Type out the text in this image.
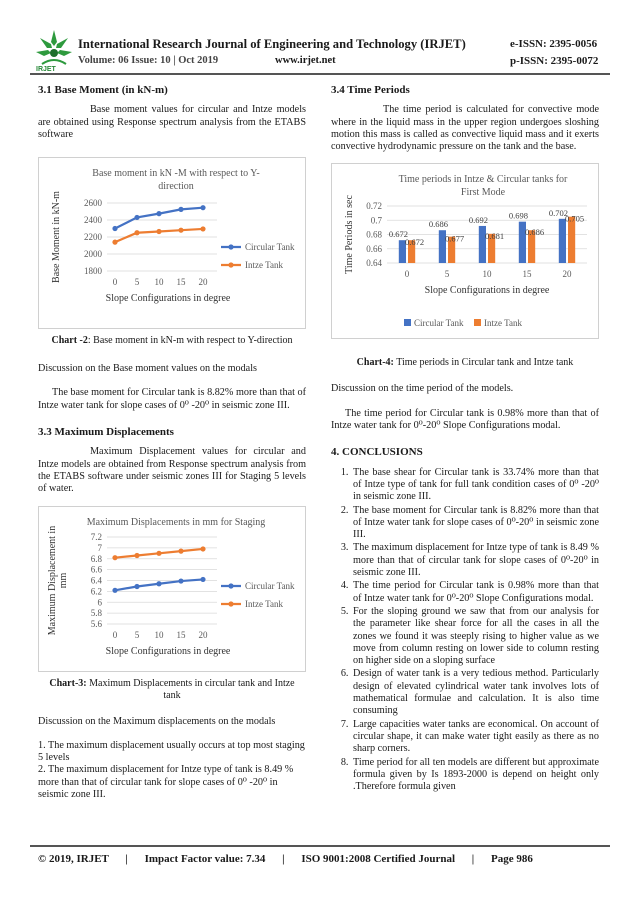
IRJET
International Research Journal of Engineering and Technology (IRJET)	e-ISSN: 2395-0056
Volume: 06 Issue: 10 | Oct 2019	www.irjet.net	p-ISSN: 2395-0072
3.1 Base Moment (in kN-m)

Base moment values for circular and Intze models are obtained using Response spectrum analysis from the ETABS software

Base moment in kN -M with respect to Y-
direction
1800
2000
2200
2400
2600
0 5 10 15 20
Slope Configurations in degree
Base Moment in kN-m	Circular Tank
Intze Tank
Chart -2: Base moment in kN-m with respect to Y-direction

Discussion on the Base moment values on the modals

The base moment for Circular tank is 8.82% more than that of Intze water tank for slope cases of 0⁰ -20⁰ in seismic zone III.

3.3 Maximum Displacements

Maximum Displacement values for circular and Intze models are obtained from Response spectrum analysis from the ETABS software under seismic zones III for Staging 5 levels of water.

Maximum Displacements in mm for Staging
5.6
5.8
6
6.2
6.4
6.6
6.8
7
7.2
0 5 10 15 20
Slope Configurations in degree
Maximum Displacement inmm	Circular Tank
Intze Tank
Chart-3: Maximum Displacements in circular tank and Intze tank

Discussion on the Maximum displacements on the modals

1. The maximum displacement usually occurs at top most staging 5 levels

2. The maximum displacement for Intze type of tank is 8.49 % more than that of circular tank for slope cases of 0⁰ -20⁰ in seismic zone III.

3.4 Time Periods

The time period is calculated for convective mode where in the liquid mass in the upper region undergoes sloshing motion this mass is called as convective liquid mass and it exerts convective hydrodynamic pressure on the tank and the base.

Time periods in Intze & Circular tanks for
First Mode
0.64
0.66
0.68
0.7
0.72
0
0.672
0.672
5
0.686
0.677
10
0.692
0.681
15
0.698
0.686
20
0.702
0.705
Slope Configurations in degree
Time Periods in sec
Circular Tank Intze Tank
Chart-4: Time periods in Circular tank and Intze tank

Discussion on the time period of the models.

The time period for Circular tank is 0.98% more than that of Intze water tank for 0⁰-20⁰ Slope Configurations modal.

4. CONCLUSIONS
1. The base shear for Circular tank is 33.74% more than that of Intze type of tank for full tank condition cases of 0⁰ -20⁰ in seismic zone III.
2. The base moment for Circular tank is 8.82% more than that of Intze water tank for slope cases of 0⁰-20⁰ in seismic zone III.
3. The maximum displacement for Intze type of tank is 8.49 % more than that of circular tank for slope cases of 0⁰-20⁰ in seismic zone III.
4. The time period for Circular tank is 0.98% more than that of Intze water tank for 0⁰-20⁰ Slope Configurations modal.
5. For the sloping ground we saw that from our analysis for the parameter like shear force for all the cases in all the zones we found it was steeply rising to higher value as we move from column resting on lower side to column resting on higher side on a sloping surface
6. Design of water tank is a very tedious method. Particularly design of elevated cylindrical water tank involves lots of mathematical formulae and calculation. It is also time consuming
7. Large capacities water tanks are economical. On account of circular shape, it can make water tight easily as there as no sharp corners.
8. Time period for all ten models are different but approximate formula given by Is 1893-2000 is depend on height only .Therefore formula given
© 2019, IRJET | Impact Factor value: 7.34 | ISO 9001:2008 Certified Journal | Page 986
